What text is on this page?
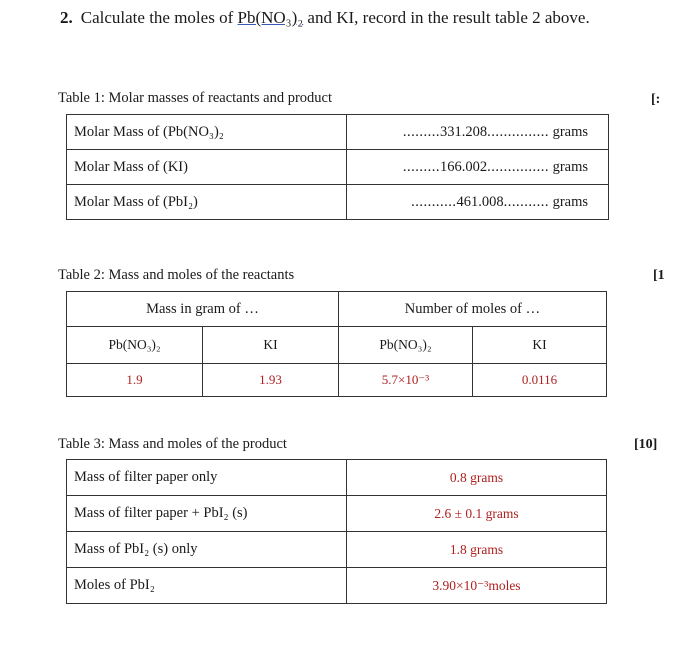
2. Calculate the moles of Pb(NO₃)₂ and KI, record in the result table 2 above.
Table 1: Molar masses of reactants and product	[:
Molar Mass of (Pb(NO₃)₂	.........331.208............... grams
Molar Mass of (KI)	.........166.002............... grams
Molar Mass of (PbI₂)	...........461.008........... grams
Table 2: Mass and moles of the reactants	[1
Mass in gram of …		Number of moles of …	
Pb(NO₃)₂	KI	Pb(NO₃)₂	KI
1.9	1.93	5.7×10⁻³	0.0116
Table 3: Mass and moles of the product	[10]
Mass of filter paper only	0.8 grams
Mass of filter paper + PbI₂ (s)	2.6 ± 0.1 grams
Mass of PbI₂ (s) only	1.8 grams
Moles of PbI₂	3.90×10⁻³moles
